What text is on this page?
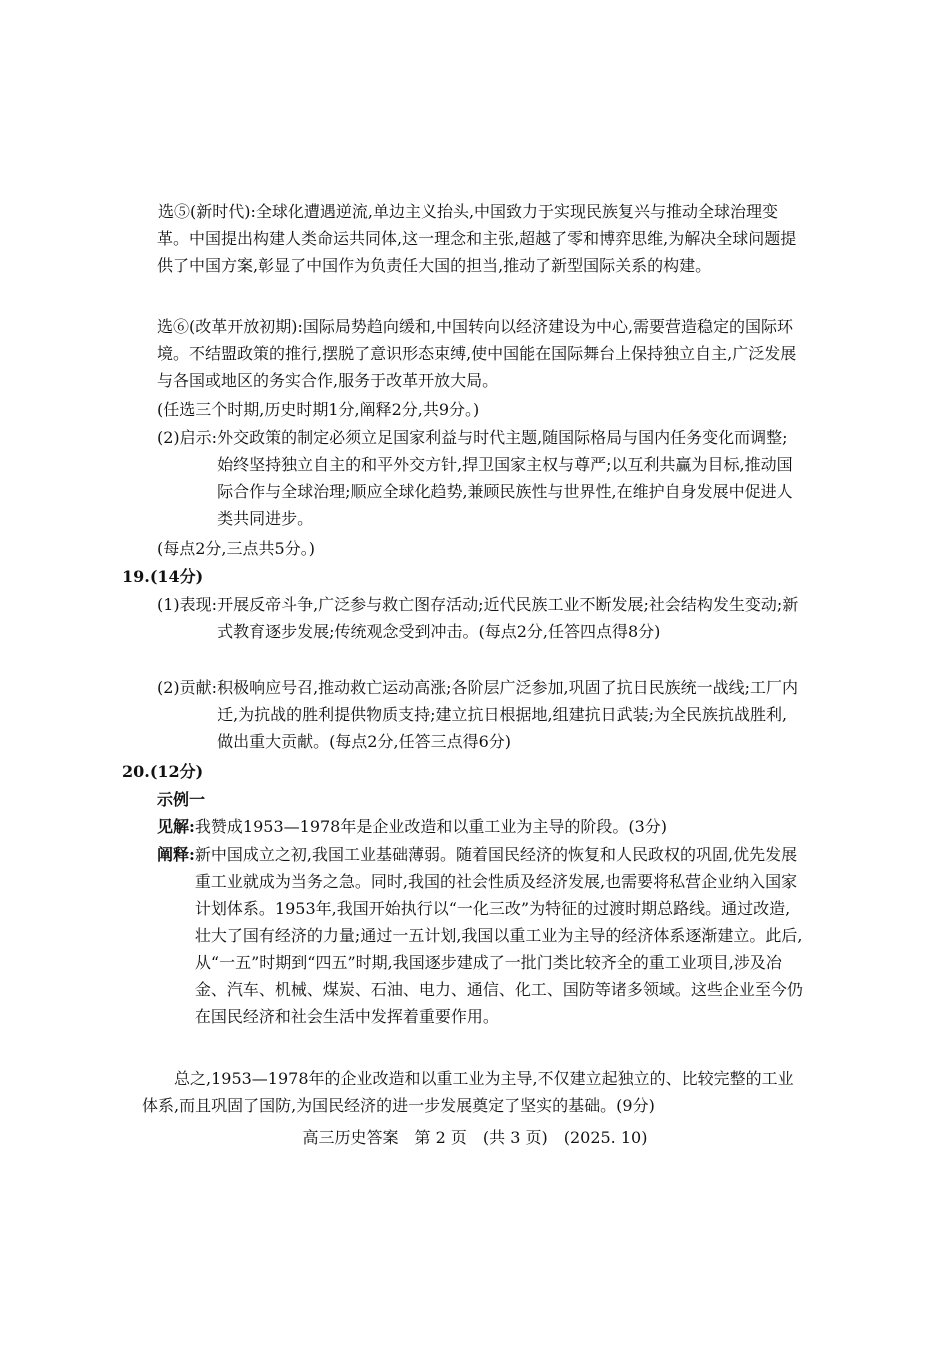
选⑤(新时代):全球化遭遇逆流,单边主义抬头,中国致力于实现民族复兴与推动全球治理变革。中国提出构建人类命运共同体,这一理念和主张,超越了零和博弈思维,为解决全球问题提供了中国方案,彰显了中国作为负责任大国的担当,推动了新型国际关系的构建。

选⑥(改革开放初期):国际局势趋向缓和,中国转向以经济建设为中心,需要营造稳定的国际环境。不结盟政策的推行,摆脱了意识形态束缚,使中国能在国际舞台上保持独立自主,广泛发展与各国或地区的务实合作,服务于改革开放大局。

(任选三个时期,历史时期1分,阐释2分,共9分。)

(2)启示: 外交政策的制定必须立足国家利益与时代主题,随国际格局与国内任务变化而调整;始终坚持独立自主的和平外交方针,捍卫国家主权与尊严;以互利共赢为目标,推动国际合作与全球治理;顺应全球化趋势,兼顾民族性与世界性,在维护自身发展中促进人类共同进步。

(每点2分,三点共5分。)

19.(14分)

(1)表现: 开展反帝斗争,广泛参与救亡图存活动;近代民族工业不断发展;社会结构发生变动;新式教育逐步发展;传统观念受到冲击。(每点2分,任答四点得8分)
(2)贡献: 积极响应号召,推动救亡运动高涨;各阶层广泛参加,巩固了抗日民族统一战线;工厂内迁,为抗战的胜利提供物质支持;建立抗日根据地,组建抗日武装;为全民族抗战胜利,做出重大贡献。(每点2分,任答三点得6分)

20.(12分)

示例一

见解: 我赞成1953—1978年是企业改造和以重工业为主导的阶段。(3分)
阐释: 新中国成立之初,我国工业基础薄弱。随着国民经济的恢复和人民政权的巩固,优先发展重工业就成为当务之急。同时,我国的社会性质及经济发展,也需要将私营企业纳入国家计划体系。1953年,我国开始执行以“一化三改”为特征的过渡时期总路线。通过改造,壮大了国有经济的力量;通过一五计划,我国以重工业为主导的经济体系逐渐建立。此后,从“一五”时期到“四五”时期,我国逐步建成了一批门类比较齐全的重工业项目,涉及冶金、汽车、机械、煤炭、石油、电力、通信、化工、国防等诸多领域。这些企业至今仍在国民经济和社会生活中发挥着重要作用。

总之,1953—1978年的企业改造和以重工业为主导,不仅建立起独立的、比较完整的工业体系,而且巩固了国防,为国民经济的进一步发展奠定了坚实的基础。(9分)

高三历史答案　第 2 页　(共 3 页)　(2025. 10)
